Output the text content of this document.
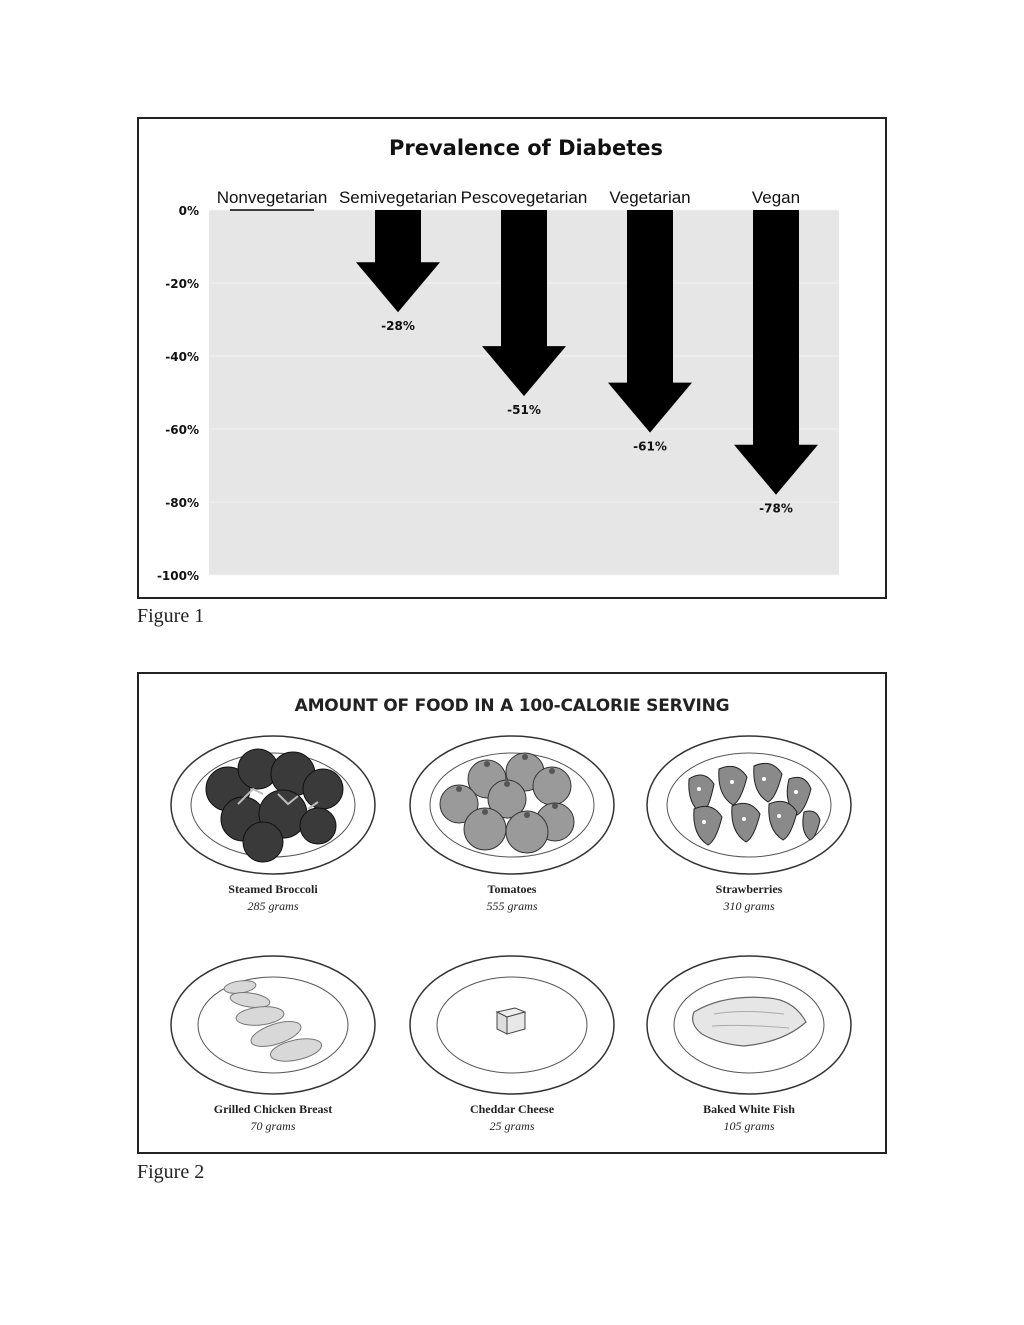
Prevalence of Diabetes
0%
-20%
-40%
-60%
-80%
-100%
Nonvegetarian Semivegetarian Pescovegetarian Vegetarian	Vegan
-28%
-51%
-61%
-78%
Figure 1
AMOUNT OF FOOD IN A 100-CALORIE SERVING
Steamed Broccoli
285 grams
Tomatoes
555 grams
Strawberries
310 grams
Grilled Chicken Breast
70 grams
Cheddar Cheese
25 grams
Baked White Fish
105 grams
Figure 2
